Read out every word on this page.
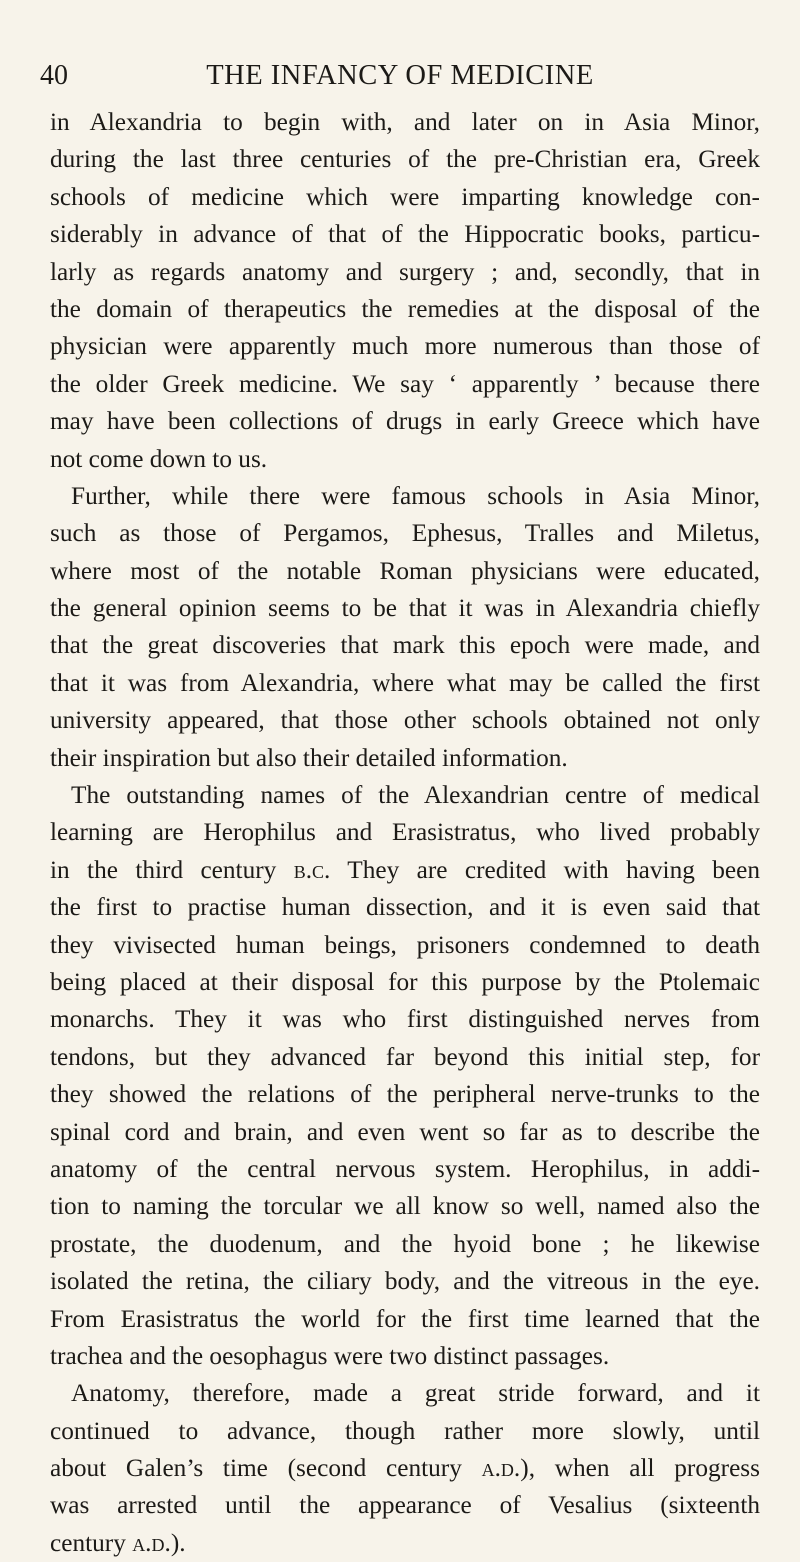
40	THE INFANCY OF MEDICINE
in Alexandria to begin with, and later on in Asia Minor,
during the last three centuries of the pre-Christian era, Greek
schools of medicine which were imparting knowledge con-
siderably in advance of that of the Hippocratic books, particu-
larly as regards anatomy and surgery ; and, secondly, that in
the domain of therapeutics the remedies at the disposal of the
physician were apparently much more numerous than those of
the older Greek medicine. We say ‘ apparently ’ because there
may have been collections of drugs in early Greece which have
not come down to us.
Further, while there were famous schools in Asia Minor,
such as those of Pergamos, Ephesus, Tralles and Miletus,
where most of the notable Roman physicians were educated,
the general opinion seems to be that it was in Alexandria chiefly
that the great discoveries that mark this epoch were made, and
that it was from Alexandria, where what may be called the first
university appeared, that those other schools obtained not only
their inspiration but also their detailed information.
The outstanding names of the Alexandrian centre of medical
learning are Herophilus and Erasistratus, who lived probably
in the third century b.c. They are credited with having been
the first to practise human dissection, and it is even said that
they vivisected human beings, prisoners condemned to death
being placed at their disposal for this purpose by the Ptolemaic
monarchs. They it was who first distinguished nerves from
tendons, but they advanced far beyond this initial step, for
they showed the relations of the peripheral nerve-trunks to the
spinal cord and brain, and even went so far as to describe the
anatomy of the central nervous system. Herophilus, in addi-
tion to naming the torcular we all know so well, named also the
prostate, the duodenum, and the hyoid bone ; he likewise
isolated the retina, the ciliary body, and the vitreous in the eye.
From Erasistratus the world for the first time learned that the
trachea and the oesophagus were two distinct passages.
Anatomy, therefore, made a great stride forward, and it
continued to advance, though rather more slowly, until
about Galen’s time (second century a.d.), when all progress
was arrested until the appearance of Vesalius (sixteenth
century a.d.).
